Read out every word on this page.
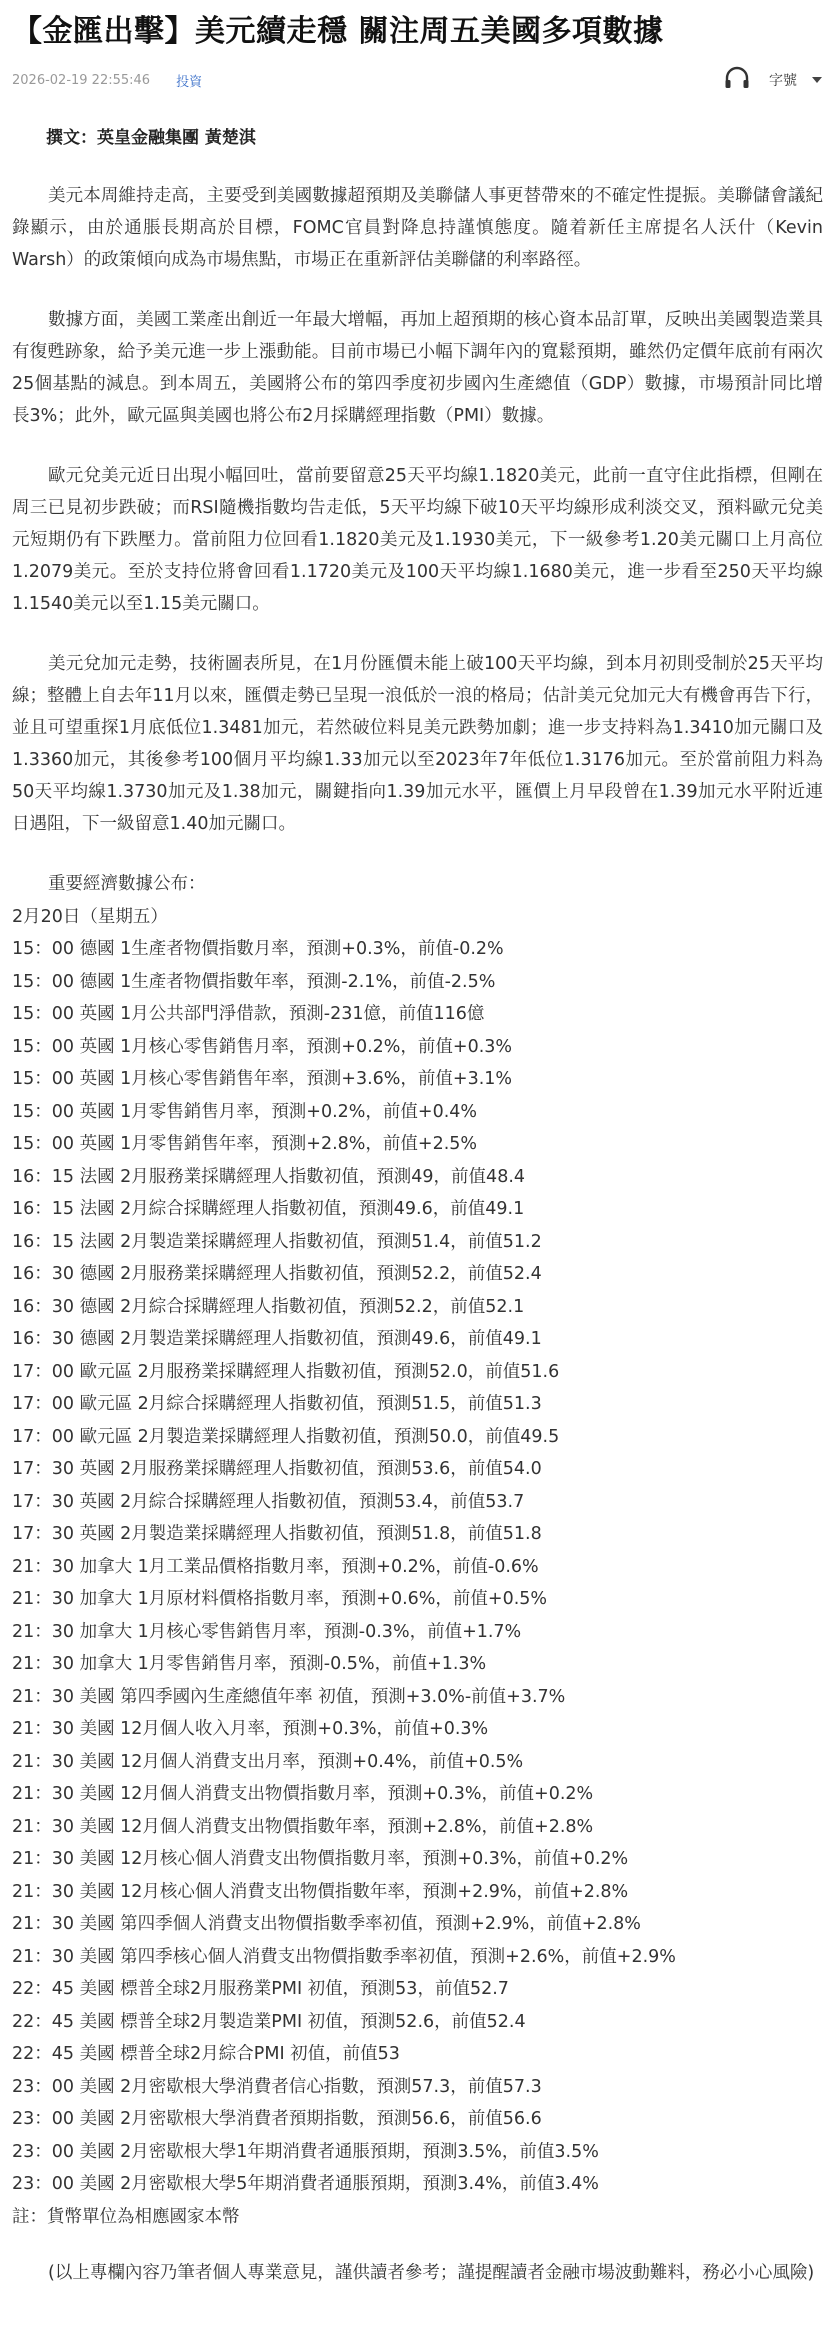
【金匯出擊】美元續走穩 關注周五美國多項數據
2026-02-19 22:55:46 投資	字號
撰文：英皇金融集團 黃楚淇

美元本周維持走高，主要受到美國數據超預期及美聯儲人事更替帶來的不確定性提振。美聯儲會議紀錄顯示，由於通脹長期高於目標，FOMC官員對降息持謹慎態度。隨着新任主席提名人沃什（Kevin Warsh）的政策傾向成為市場焦點，市場正在重新評估美聯儲的利率路徑。

數據方面，美國工業產出創近一年最大增幅，再加上超預期的核心資本品訂單，反映出美國製造業具有復甦跡象，給予美元進一步上漲動能。目前市場已小幅下調年內的寬鬆預期，雖然仍定價年底前有兩次25個基點的減息。到本周五，美國將公布的第四季度初步國內生產總值（GDP）數據，市場預計同比增長3%；此外，歐元區與美國也將公布2月採購經理指數（PMI）數據。

歐元兌美元近日出現小幅回吐，當前要留意25天平均線1.1820美元，此前一直守住此指標，但剛在周三已見初步跌破；而RSI隨機指數均告走低，5天平均線下破10天平均線形成利淡交叉，預料歐元兌美元短期仍有下跌壓力。當前阻力位回看1.1820美元及1.1930美元，下一級參考1.20美元關口上月高位1.2079美元。至於支持位將會回看1.1720美元及100天平均線1.1680美元，進一步看至250天平均線1.1540美元以至1.15美元關口。

美元兌加元走勢，技術圖表所見，在1月份匯價未能上破100天平均線，到本月初則受制於25天平均線；整體上自去年11月以來，匯價走勢已呈現一浪低於一浪的格局；估計美元兌加元大有機會再告下行，並且可望重探1月底低位1.3481加元，若然破位料見美元跌勢加劇；進一步支持料為1.3410加元關口及1.3360加元，其後參考100個月平均線1.33加元以至2023年7年低位1.3176加元。至於當前阻力料為50天平均線1.3730加元及1.38加元，關鍵指向1.39加元水平，匯價上月早段曾在1.39加元水平附近連日遇阻，下一級留意1.40加元關口。

重要經濟數據公布：
2月20日（星期五）
15：00 德國 1生產者物價指數月率，預測+0.3%，前值-0.2%
15：00 德國 1生產者物價指數年率，預測-2.1%，前值-2.5%
15：00 英國 1月公共部門淨借款，預測-231億，前值116億
15：00 英國 1月核心零售銷售月率，預測+0.2%，前值+0.3%
15：00 英國 1月核心零售銷售年率，預測+3.6%，前值+3.1%
15：00 英國 1月零售銷售月率，預測+0.2%，前值+0.4%
15：00 英國 1月零售銷售年率，預測+2.8%，前值+2.5%
16：15 法國 2月服務業採購經理人指數初值，預測49，前值48.4
16：15 法國 2月綜合採購經理人指數初值，預測49.6，前值49.1
16：15 法國 2月製造業採購經理人指數初值，預測51.4，前值51.2
16：30 德國 2月服務業採購經理人指數初值，預測52.2，前值52.4
16：30 德國 2月綜合採購經理人指數初值，預測52.2，前值52.1
16：30 德國 2月製造業採購經理人指數初值，預測49.6，前值49.1
17：00 歐元區 2月服務業採購經理人指數初值，預測52.0，前值51.6
17：00 歐元區 2月綜合採購經理人指數初值，預測51.5，前值51.3
17：00 歐元區 2月製造業採購經理人指數初值，預測50.0，前值49.5
17：30 英國 2月服務業採購經理人指數初值，預測53.6，前值54.0
17：30 英國 2月綜合採購經理人指數初值，預測53.4，前值53.7
17：30 英國 2月製造業採購經理人指數初值，預測51.8，前值51.8
21：30 加拿大 1月工業品價格指數月率，預測+0.2%，前值-0.6%
21：30 加拿大 1月原材料價格指數月率，預測+0.6%，前值+0.5%
21：30 加拿大 1月核心零售銷售月率，預測-0.3%，前值+1.7%
21：30 加拿大 1月零售銷售月率，預測-0.5%，前值+1.3%
21：30 美國 第四季國內生產總值年率 初值，預測+3.0%-前值+3.7%
21：30 美國 12月個人收入月率，預測+0.3%，前值+0.3%
21：30 美國 12月個人消費支出月率，預測+0.4%，前值+0.5%
21：30 美國 12月個人消費支出物價指數月率，預測+0.3%，前值+0.2%
21：30 美國 12月個人消費支出物價指數年率，預測+2.8%，前值+2.8%
21：30 美國 12月核心個人消費支出物價指數月率，預測+0.3%，前值+0.2%
21：30 美國 12月核心個人消費支出物價指數年率，預測+2.9%，前值+2.8%
21：30 美國 第四季個人消費支出物價指數季率初值，預測+2.9%，前值+2.8%
21：30 美國 第四季核心個人消費支出物價指數季率初值，預測+2.6%，前值+2.9%
22：45 美國 標普全球2月服務業PMI 初值，預測53，前值52.7
22：45 美國 標普全球2月製造業PMI 初值，預測52.6，前值52.4
22：45 美國 標普全球2月綜合PMI 初值，前值53
23：00 美國 2月密歇根大學消費者信心指數，預測57.3，前值57.3
23：00 美國 2月密歇根大學消費者預期指數，預測56.6，前值56.6
23：00 美國 2月密歇根大學1年期消費者通脹預期，預測3.5%，前值3.5%
23：00 美國 2月密歇根大學5年期消費者通脹預期，預測3.4%，前值3.4%
註：貨幣單位為相應國家本幣

(以上專欄內容乃筆者個人專業意見，謹供讀者參考；謹提醒讀者金融市場波動難料，務必小心風險)
